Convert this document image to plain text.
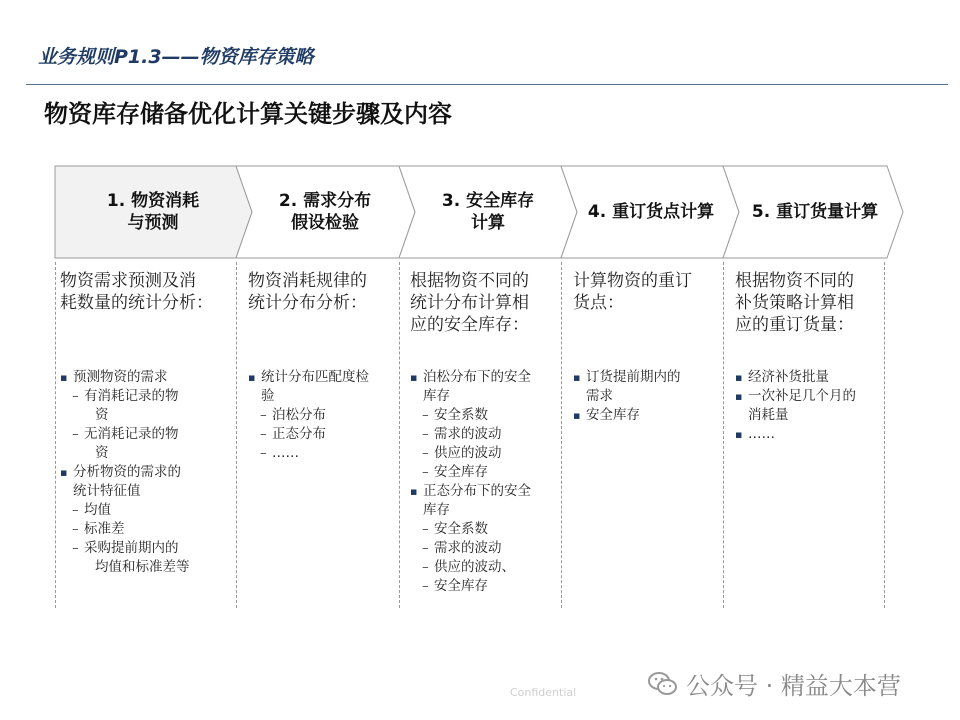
业务规则P1.3——物资库存策略
物资库存储备优化计算关键步骤及内容
1. 物资消耗
与预测
2. 需求分布
假设检验
3. 安全库存
计算
4. 重订货点计算	5. 重订货量计算
物资需求预测及消
耗数量的统计分析：
物资消耗规律的
统计分布分析：
根据物资不同的
统计分布计算相
应的安全库存：
计算物资的重订
货点：
根据物资不同的
补货策略计算相
应的重订货量：
▪ 预测物资的需求
– 有消耗记录的物
资
– 无消耗记录的物
资
▪ 分析物资的需求的
统计特征值
– 均值
– 标准差
– 采购提前期内的
均值和标准差等
▪ 统计分布匹配度检
验
– 泊松分布
– 正态分布
– ……
▪ 泊松分布下的安全
库存
– 安全系数
– 需求的波动
– 供应的波动
– 安全库存
▪ 正态分布下的安全
库存
– 安全系数
– 需求的波动
– 供应的波动、
– 安全库存
▪ 订货提前期内的
需求
▪ 安全库存
▪ 经济补货批量
▪ 一次补足几个月的
消耗量
▪ ……
Confidential	公众号 · 精益大本营
